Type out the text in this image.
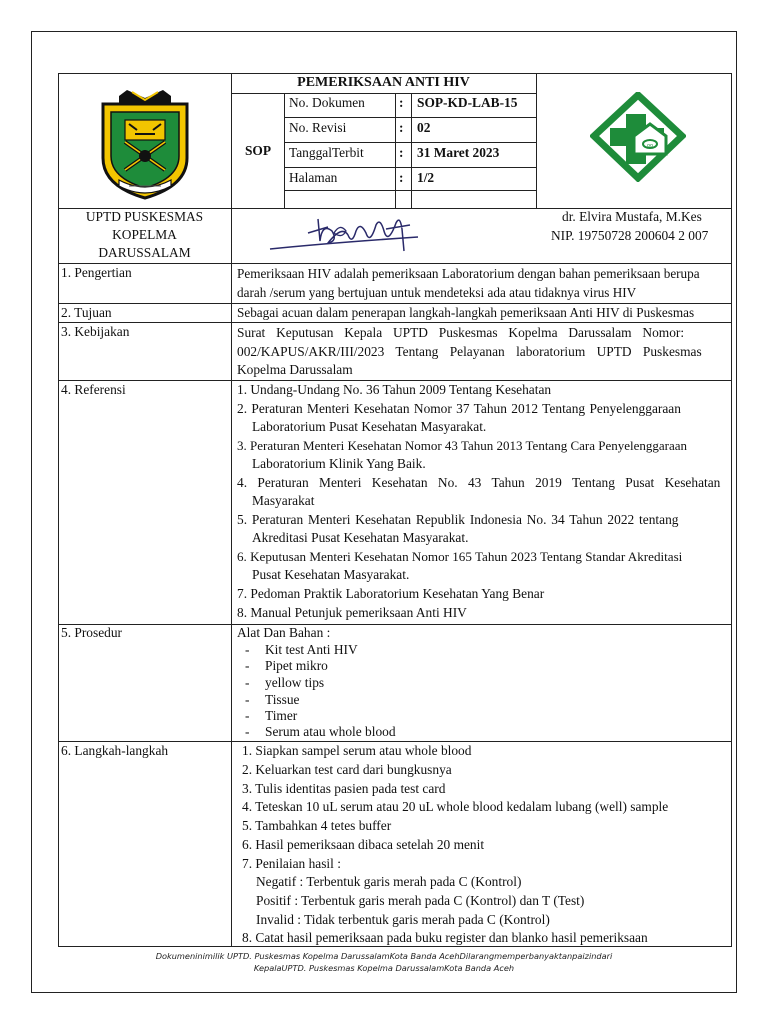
oo
PEMERIKSAAN ANTI HIV
SOP
No. Dokumen	: SOP-KD-LAB-15
No. Revisi	: 02
TanggalTerbit	: 31 Maret 2023
Halaman	: 1/2
UPTD PUSKESMAS
KOPELMA
DARUSSALAM
dr. Elvira Mustafa, M.Kes
NIP. 19750728 200604 2 007
1. Pengertian	Pemeriksaan HIV adalah pemeriksaan Laboratorium dengan bahan pemeriksaan berupa
darah /serum yang bertujuan untuk mendeteksi ada atau tidaknya virus HIV
2. Tujuan	Sebagai acuan dalam penerapan langkah-langkah pemeriksaan Anti HIV di Puskesmas
3. Kebijakan	Surat Keputusan Kepala UPTD Puskesmas Kopelma Darussalam Nomor:
002/KAPUS/AKR/III/2023 Tentang Pelayanan laboratorium UPTD Puskesmas
Kopelma Darussalam
4. Referensi	1. Undang-Undang No. 36 Tahun 2009 Tentang Kesehatan
2. Peraturan Menteri Kesehatan Nomor 37 Tahun 2012 Tentang Penyelenggaraan
Laboratorium Pusat Kesehatan Masyarakat.
3. Peraturan Menteri Kesehatan Nomor 43 Tahun 2013 Tentang Cara Penyelenggaraan
Laboratorium Klinik Yang Baik.
4. Peraturan Menteri Kesehatan No. 43 Tahun 2019 Tentang Pusat Kesehatan
Masyarakat
5. Peraturan Menteri Kesehatan Republik Indonesia No. 34 Tahun 2022 tentang
Akreditasi Pusat Kesehatan Masyarakat.
6. Keputusan Menteri Kesehatan Nomor 165 Tahun 2023 Tentang Standar Akreditasi
Pusat Kesehatan Masyarakat.
7. Pedoman Praktik Laboratorium Kesehatan Yang Benar
8. Manual Petunjuk pemeriksaan Anti HIV
5. Prosedur	Alat Dan Bahan :
- Kit test Anti HIV
- Pipet mikro
- yellow tips
- Tissue
- Timer
- Serum atau whole blood
6. Langkah-langkah	1. Siapkan sampel serum atau whole blood
2. Keluarkan test card dari bungkusnya
3. Tulis identitas pasien pada test card
4. Teteskan 10 uL serum atau 20 uL whole blood kedalam lubang (well) sample
5. Tambahkan 4 tetes buffer
6. Hasil pemeriksaan dibaca setelah 20 menit
7. Penilaian hasil :
Negatif : Terbentuk garis merah pada C (Kontrol)
Positif : Terbentuk garis merah pada C (Kontrol) dan T (Test)
Invalid : Tidak terbentuk garis merah pada C (Kontrol)
8. Catat hasil pemeriksaan pada buku register dan blanko hasil pemeriksaan
Dokumeninimilik UPTD. Puskesmas Kopelma DarussalamKota Banda AcehDilarangmemperbanyaktanpaizindari
KepalaUPTD. Puskesmas Kopelma DarussalamKota Banda Aceh
